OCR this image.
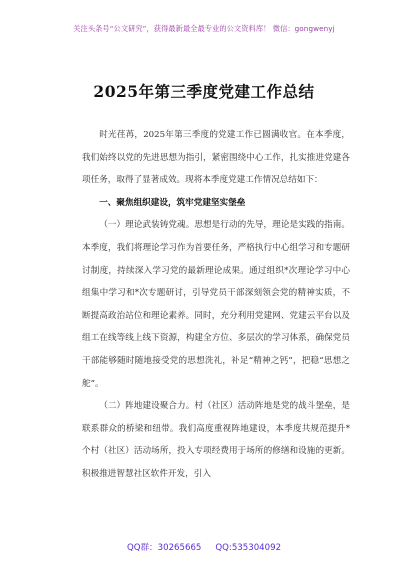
关注头条号“公文研究”，获得最新最全最专业的公文资料库！ 微信：gongwenyj
2025年第三季度党建工作总结

时光荏苒，2025年第三季度的党建工作已圆满收官。在本季度，我们始终以党的先进思想为指引，紧密围绕中心工作，扎实推进党建各项任务，取得了显著成效。现将本季度党建工作情况总结如下：

一、聚焦组织建设，筑牢党建坚实堡垒

（一）理论武装铸党魂。思想是行动的先导，理论是实践的指南。本季度，我们将理论学习作为首要任务，严格执行中心组学习和专题研讨制度，持续深入学习党的最新理论成果。通过组织*次理论学习中心组集中学习和*次专题研讨，引导党员干部深刻领会党的精神实质，不断提高政治站位和理论素养。同时，充分利用党建网、党建云平台以及组工在线等线上线下资源，构建全方位、多层次的学习体系，确保党员干部能够随时随地接受党的思想洗礼，补足“精神之钙”，把稳“思想之舵”。

（二）阵地建设聚合力。村（社区）活动阵地是党的战斗堡垒，是联系群众的桥梁和纽带。我们高度重视阵地建设，本季度共规范提升*个村（社区）活动场所，投入专项经费用于场所的修缮和设施的更新。积极推进智慧社区软件开发，引入

QQ群：30265665 QQ:535304092
